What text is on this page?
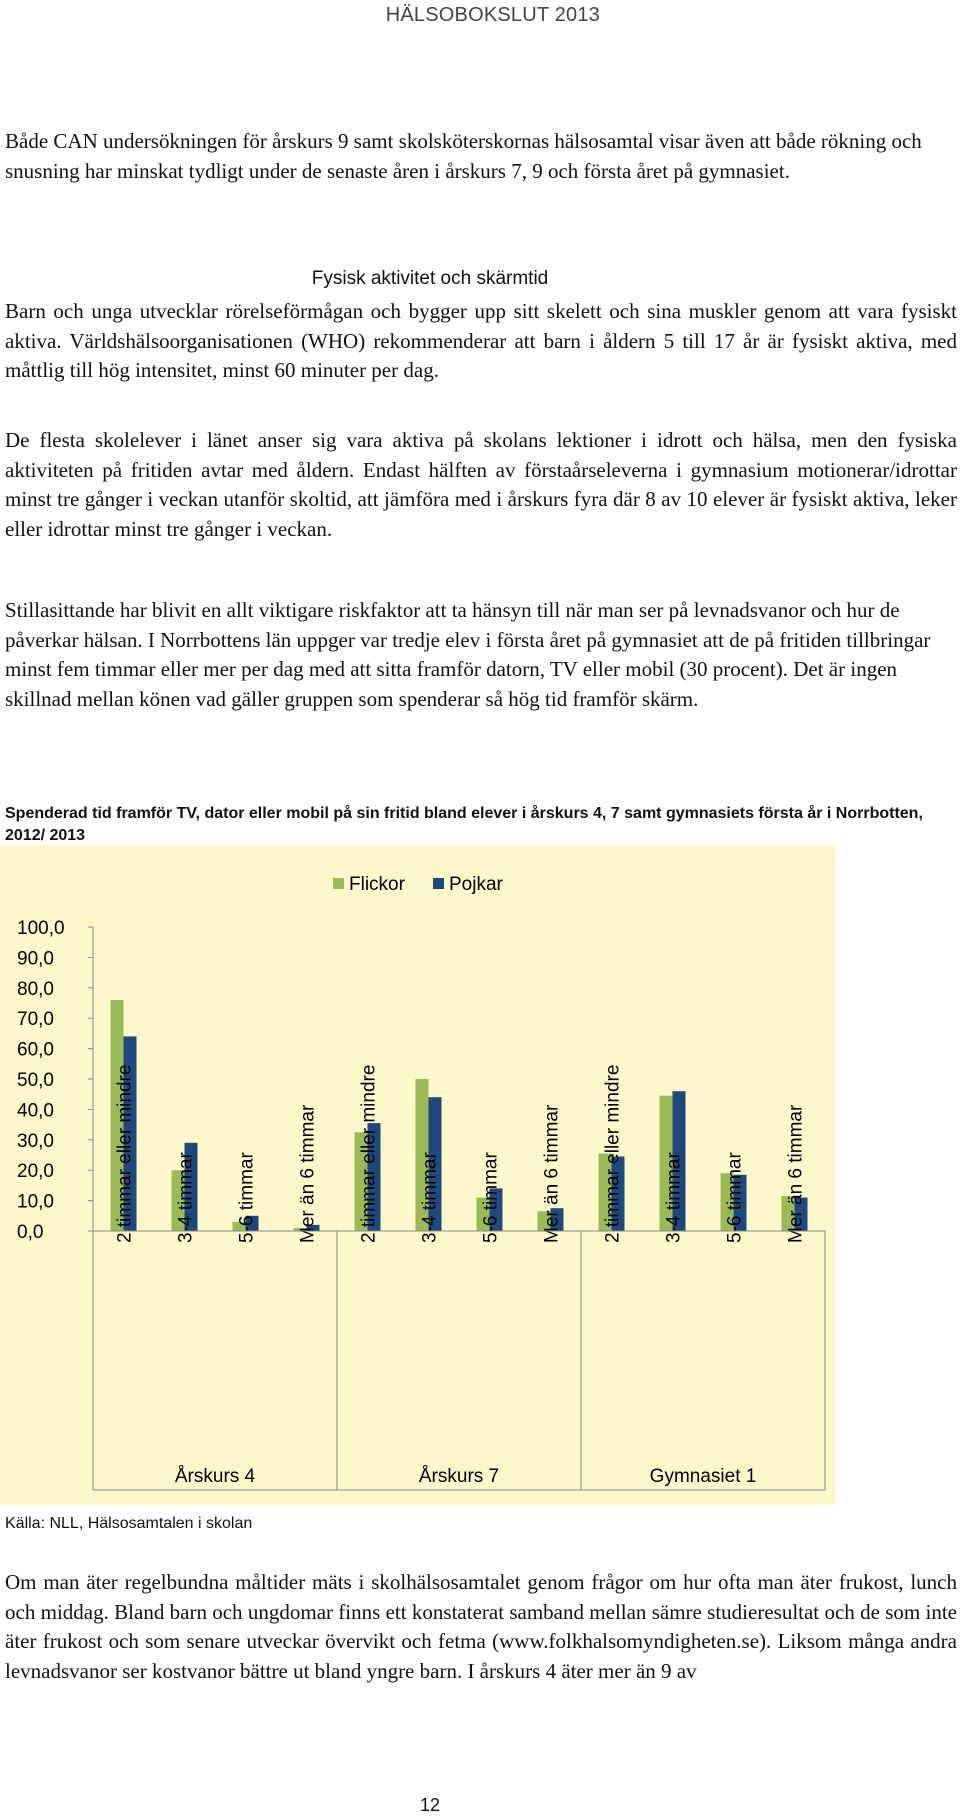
HÄLSOBOKSLUT 2013

Både CAN undersökningen för årskurs 9 samt skolsköterskornas hälsosamtal visar även att både rökning och snusning har minskat tydligt under de senaste åren i årskurs 7, 9 och första året på gymnasiet.

Fysisk aktivitet och skärmtid

Barn och unga utvecklar rörelseförmågan och bygger upp sitt skelett och sina muskler genom att vara fysiskt aktiva. Världshälsoorganisationen (WHO) rekommenderar att barn i åldern 5 till 17 år är fysiskt aktiva, med måttlig till hög intensitet, minst 60 minuter per dag.

De flesta skolelever i länet anser sig vara aktiva på skolans lektioner i idrott och hälsa, men den fysiska aktiviteten på fritiden avtar med åldern. Endast hälften av förstaårseleverna i gymnasium motionerar/idrottar minst tre gånger i veckan utanför skoltid, att jämföra med i årskurs fyra där 8 av 10 elever är fysiskt aktiva, leker eller idrottar minst tre gånger i veckan.

Stillasittande har blivit en allt viktigare riskfaktor att ta hänsyn till när man ser på levnadsvanor och hur de påverkar hälsan. I Norrbottens län uppger var tredje elev i första året på gymnasiet att de på fritiden tillbringar minst fem timmar eller mer per dag med att sitta framför datorn, TV eller mobil (30 procent). Det är ingen skillnad mellan könen vad gäller gruppen som spenderar så hög tid framför skärm.

Spenderad tid framför TV, dator eller mobil på sin fritid bland elever i årskurs 4, 7 samt gymnasiets första år i Norrbotten, 2012/ 2013
Flickor Pojkar
0,0
10,0
20,0
30,0
40,0
50,0
60,0
70,0
80,0
90,0
100,0
2 timmar eller mindre 3-4 timmar 5-6 timmar Mer än 6 timmar 2 timmar eller mindre 3-4 timmar 5-6 timmar Mer än 6 timmar 2 timmar eller mindre 3-4 timmar 5-6 timmar Mer än 6 timmar
Årskurs 4	Årskurs 7	Gymnasiet 1
Källa: NLL, Hälsosamtalen i skolan

Om man äter regelbundna måltider mäts i skolhälsosamtalet genom frågor om hur ofta man äter frukost, lunch och middag. Bland barn och ungdomar finns ett konstaterat samband mellan sämre studieresultat och de som inte äter frukost och som senare utveckar övervikt och fetma (www.folkhalsomyndigheten.se). Liksom många andra levnadsvanor ser kostvanor bättre ut bland yngre barn. I årskurs 4 äter mer än 9 av

12
